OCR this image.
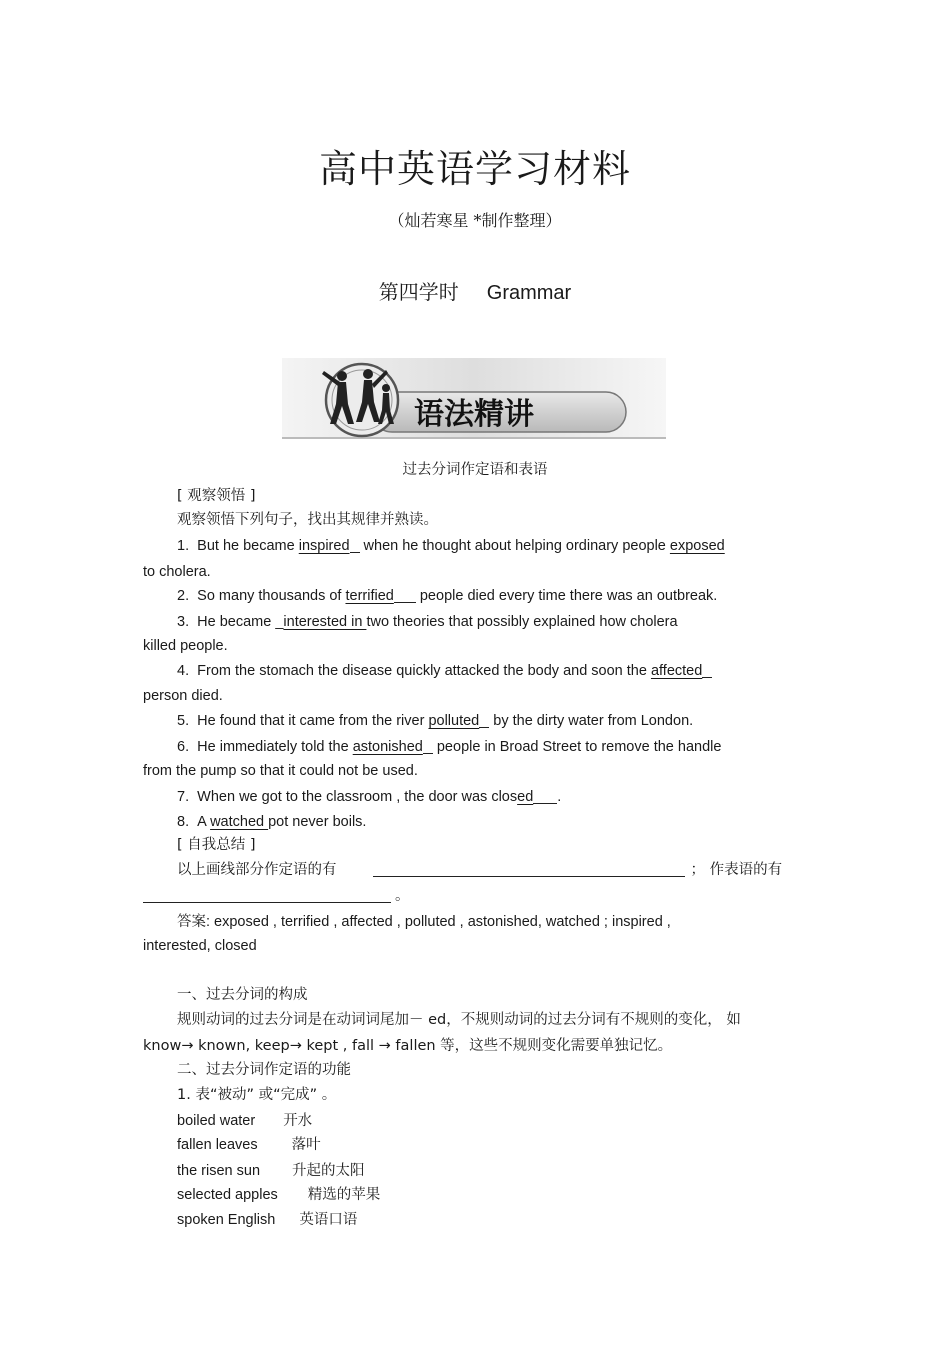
高中英语学习材料
（灿若寒星 *制作整理）
第四学时 Grammar
语法精讲
过去分词作定语和表语
[ 观察领悟 ]
观察领悟下列句子，找出其规律并熟读。
1. But he became inspired when he thought about helping ordinary people exposed
to cholera.
2. So many thousands of terrified people died every time there was an outbreak.
3. He became _interested in two theories that possibly explained how cholera
killed people.
4. From the stomach the disease quickly attacked the body and soon the affected
person died.
5. He found that it came from the river polluted by the dirty water from London.
6. He immediately told the astonished people in Broad Street to remove the handle
from the pump so that it could not be used.
7. When we got to the classroom , the door was closed .
8. A watched pot never boils.
[ 自我总结 ]
以上画线部分作定语的有	； 作表语的有
。
答案: exposed , terrified , affected , polluted , astonished, watched ; inspired ,
interested, closed
一、过去分词的构成
规则动词的过去分词是在动词词尾加－ ed，不规则动词的过去分词有不规则的变化， 如
know→ known, keep→ kept , fall → fallen 等，这些不规则变化需要单独记忆。
二、过去分词作定语的功能
1. 表“被动” 或“完成” 。
boiled water 开水
fallen leaves 落叶
the risen sun 升起的太阳
selected apples 精选的苹果
spoken English 英语口语
